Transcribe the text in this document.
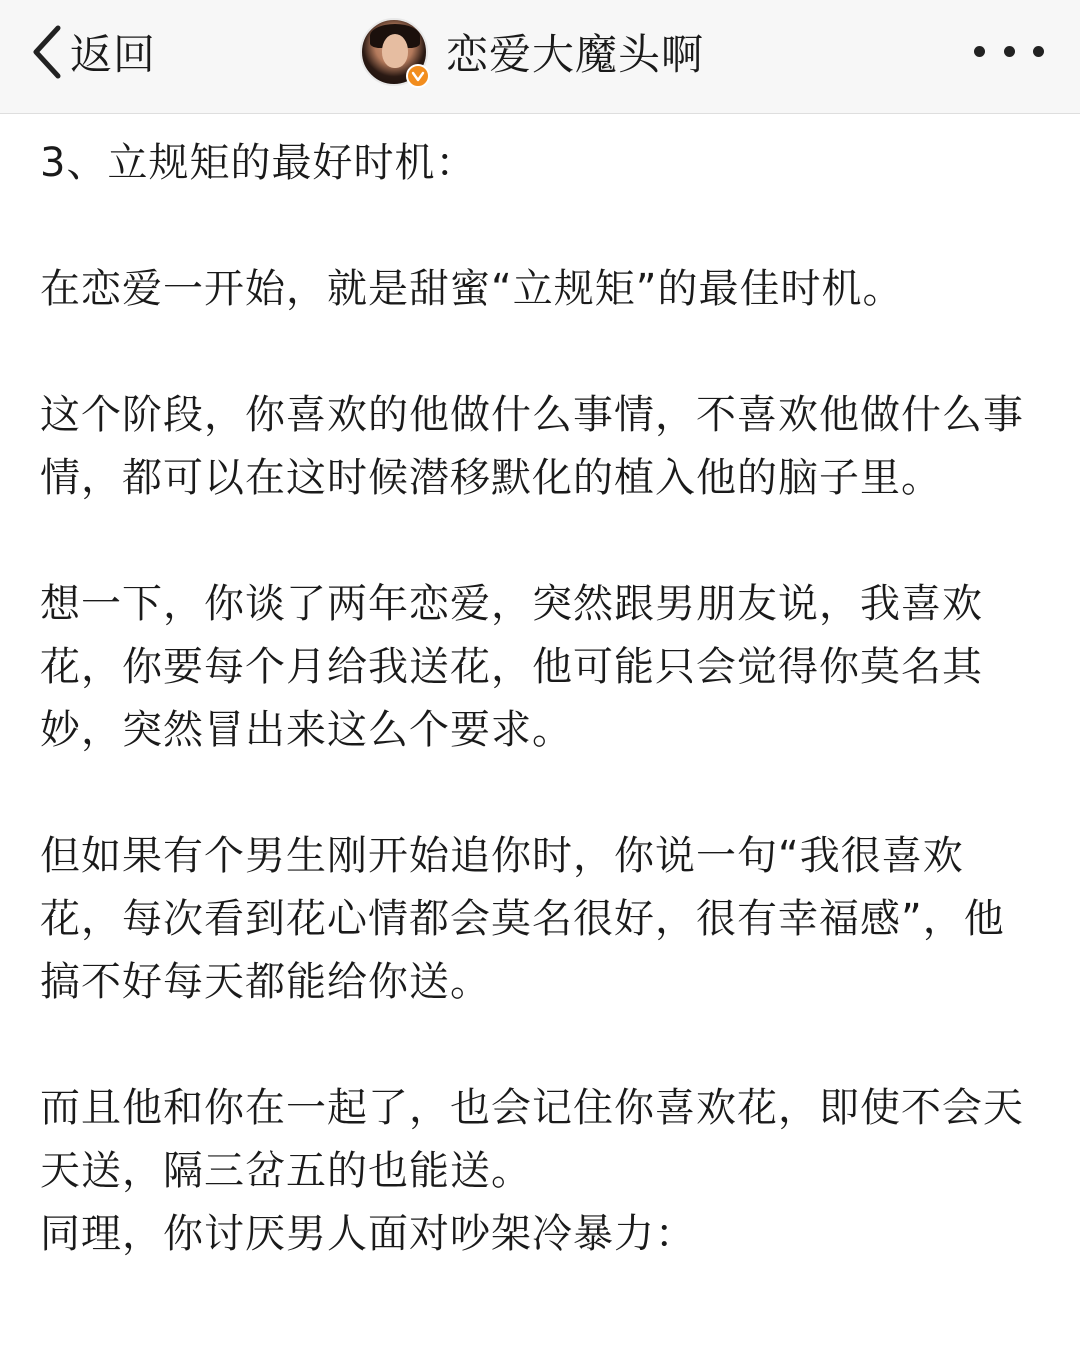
返回	恋爱大魔头啊

3、立规矩的最好时机：

在恋爱一开始，就是甜蜜“立规矩”的最佳时机。

这个阶段，你喜欢的他做什么事情，不喜欢他做什么事情，都可以在这时候潜移默化的植入他的脑子里。

想一下，你谈了两年恋爱，突然跟男朋友说，我喜欢花，你要每个月给我送花，他可能只会觉得你莫名其妙，突然冒出来这么个要求。

但如果有个男生刚开始追你时，你说一句“我很喜欢花，每次看到花心情都会莫名很好，很有幸福感”，他搞不好每天都能给你送。

而且他和你在一起了，也会记住你喜欢花，即使不会天天送，隔三岔五的也能送。

同理，你讨厌男人面对吵架冷暴力：
